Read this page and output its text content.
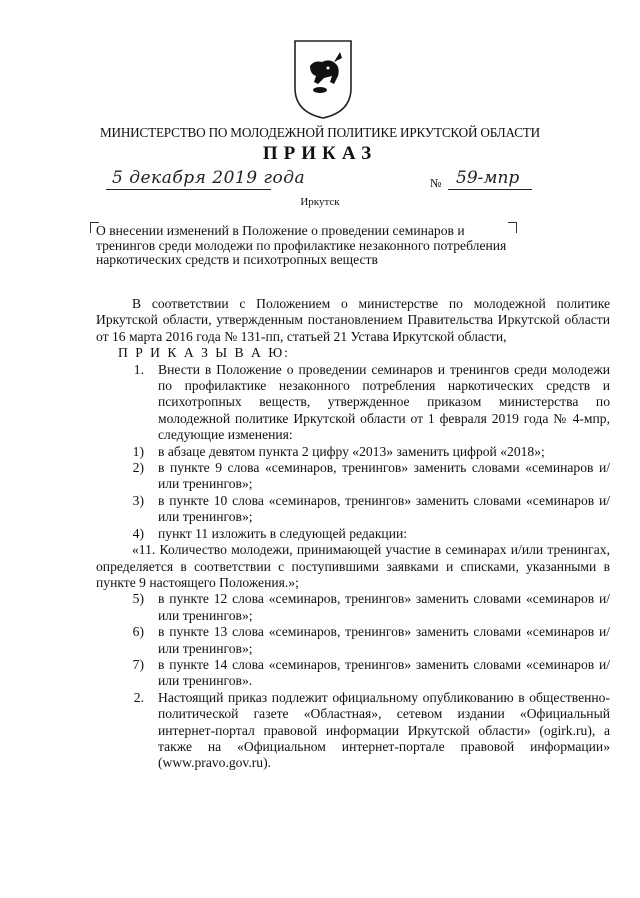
МИНИСТЕРСТВО ПО МОЛОДЕЖНОЙ ПОЛИТИКЕ ИРКУТСКОЙ ОБЛАСТИ
ПРИКАЗ
5 декабря 2019 года	№ 59-мпр
Иркутск
О внесении изменений в Положение о проведении семинаров и тренингов среди молодежи по профилактике незаконного потребления наркотических средств и психотропных веществ

В соответствии с Положением о министерстве по молодежной политике Иркутской области, утвержденным постановлением Правительства Иркутской области от 16 марта 2016 года № 131-пп, статьей 21 Устава Иркутской области,

П Р И К А З Ы В А Ю:

1.	Внести в Положение о проведении семинаров и тренингов среди молодежи по профилактике незаконного потребления наркотических средств и психотропных веществ, утвержденное приказом министерства по молодежной политике Иркутской области от 1 февраля 2019 года № 4-мпр, следующие изменения:
1)	в абзаце девятом пункта 2 цифру «2013» заменить цифрой «2018»;
2)	в пункте 9 слова «семинаров, тренингов» заменить словами «семинаров и/или тренингов»;
3)	в пункте 10 слова «семинаров, тренингов» заменить словами «семинаров и/или тренингов»;
4)	пункт 11 изложить в следующей редакции:

«11. Количество молодежи, принимающей участие в семинарах и/или тренингах, определяется в соответствии с поступившими заявками и списками, указанными в пункте 9 настоящего Положения.»;

5)	в пункте 12 слова «семинаров, тренингов» заменить словами «семинаров и/или тренингов»;
6)	в пункте 13 слова «семинаров, тренингов» заменить словами «семинаров и/или тренингов»;
7)	в пункте 14 слова «семинаров, тренингов» заменить словами «семинаров и/или тренингов».
2.	Настоящий приказ подлежит официальному опубликованию в общественно-политической газете «Областная», сетевом издании «Официальный интернет-портал правовой информации Иркутской области» (ogirk.ru), а также на «Официальном интернет-портале правовой информации» (www.pravo.gov.ru).
